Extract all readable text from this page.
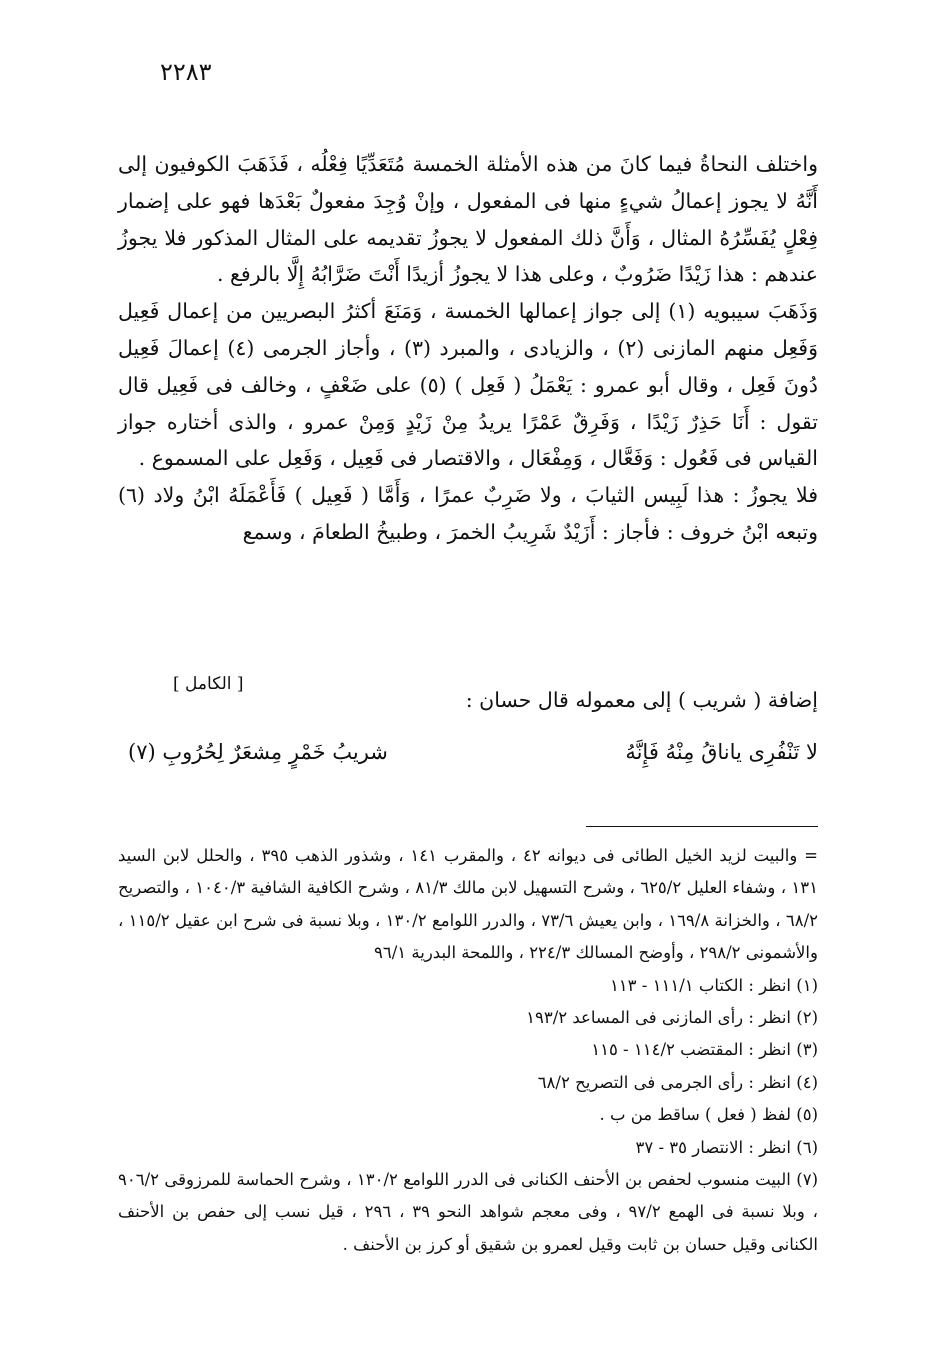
٢٢٨٣

واختلف النحاةُ فيما كانَ من هذه الأمثلة الخمسة مُتَعَدِّيًا فِعْلُه ، فَذَهَبَ الكوفيون إلى أَنَّهُ لا يجوز إعمالُ شيءٍ منها فى المفعول ، وإنْ وُجِدَ مفعولٌ بَعْدَها فهو على إضمار فِعْلٍ يُفَسِّرُهُ المثال ، وَأَنَّ ذلك المفعول لا يجوزُ تقديمه على المثال المذكور فلا يجوزُ عندهم : هذا زَيْدًا ضَرُوبٌ ، وعلى هذا لا يجوزُ أزيدًا أَنْتَ ضَرَّابُهُ إِلَّا بالرفع .

وَذَهَبَ سيبويه (١) إلى جواز إعمالها الخمسة ، وَمَنَعَ أكثرُ البصريين من إعمال فَعِيل وَفَعِل منهم المازنى (٢) ، والزيادى ، والمبرد (٣) ، وأجاز الجرمى (٤) إعمالَ فَعِيل دُونَ فَعِل ، وقال أبو عمرو : يَعْمَلُ ( فَعِل ) (٥) على ضَعْفٍ ، وخالف فى فَعِيل قال تقول : أَنَا حَذِرٌ زَيْدًا ، وَفَرِقٌ عَمْرًا يريدُ مِنْ زَيْدٍ وَمِنْ عمرو ، والذى أختاره جواز القياس فى فَعُول : وَفَعَّال ، وَمِفْعَال ، والاقتصار فى فَعِيل ، وَفَعِل على المسموع .

فلا يجوزُ : هذا لَبِيس الثيابَ ، ولا ضَرِبٌ عمرًا ، وَأَمَّا ( فَعِيل ) فَأَعْمَلَهُ ابْنُ ولاد (٦) وتبعه ابْنُ خروف : فأجاز : أَزَيْدٌ شَرِيبُ الخمرَ ، وطبيخُ الطعامَ ، وسمع

إضافة ( شريب ) إلى معموله قال حسان :
[ الكامل ]
لا تَنْفُرِى ياناقُ مِنْهُ فَإِنَّهُ
شريبُ خَمْرٍ مِشعَرٌ لِحُرُوبِ (٧)

= والبيت لزيد الخيل الطائى فى ديوانه ٤٢ ، والمقرب ١٤١ ، وشذور الذهب ٣٩٥ ، والحلل لابن السيد ١٣١ ، وشفاء العليل ٦٢٥/٢ ، وشرح التسهيل لابن مالك ٨١/٣ ، وشرح الكافية الشافية ١٠٤٠/٣ ، والتصريح ٦٨/٢ ، والخزانة ١٦٩/٨ ، وابن يعيش ٧٣/٦ ، والدرر اللوامع ١٣٠/٢ ، وبلا نسبة فى شرح ابن عقيل ١١٥/٢ ، والأشمونى ٢٩٨/٢ ، وأوضح المسالك ٢٢٤/٣ ، واللمحة البدرية ٩٦/١

(١) انظر : الكتاب ١١١/١ - ١١٣

(٢) انظر : رأى المازنى فى المساعد ١٩٣/٢

(٣) انظر : المقتضب ١١٤/٢ - ١١٥

(٤) انظر : رأى الجرمى فى التصريح ٦٨/٢

(٥) لفظ ( فعل ) ساقط من ب .

(٦) انظر : الانتصار ٣٥ - ٣٧

(٧) البيت منسوب لحفص بن الأحنف الكنانى فى الدرر اللوامع ١٣٠/٢ ، وشرح الحماسة للمرزوقى ٩٠٦/٢ ، وبلا نسبة فى الهمع ٩٧/٢ ، وفى معجم شواهد النحو ٣٩ ، ٢٩٦ ، قيل نسب إلى حفص بن الأحنف الكنانى وقيل حسان بن ثابت وقيل لعمرو بن شقيق أو كرز بن الأحنف .
